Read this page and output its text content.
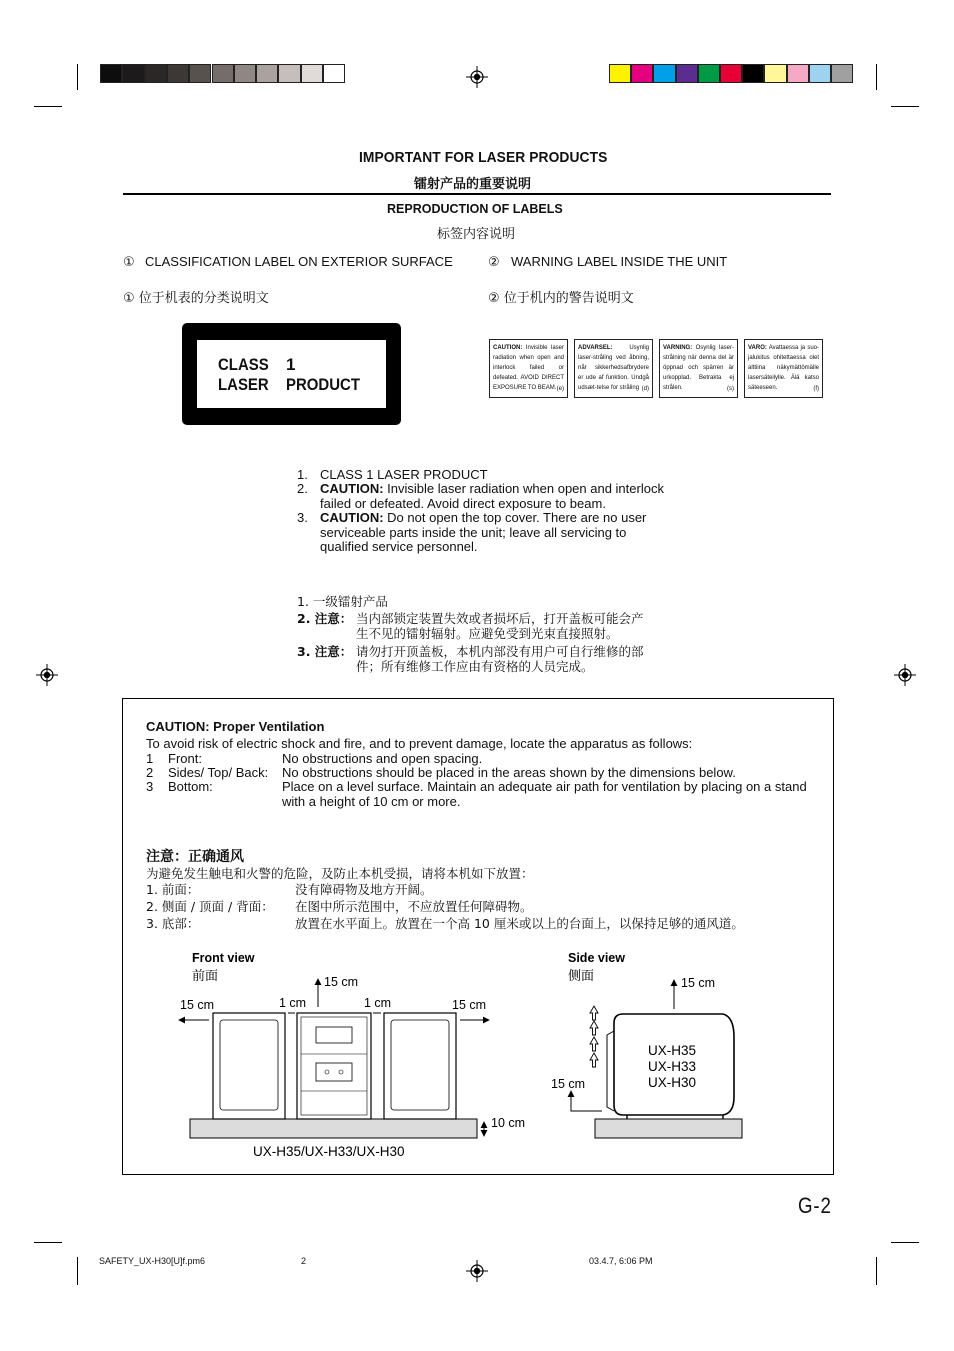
IMPORTANT FOR LASER PRODUCTS
镭射产品的重要说明
REPRODUCTION OF LABELS
标签内容说明
① CLASSIFICATION LABEL ON EXTERIOR SURFACE
① 位于机表的分类说明文
② WARNING LABEL INSIDE THE UNIT
② 位于机内的警告说明文
CLASS 1
LASER PRODUCT
CAUTION: Invisible laser radiation when open and interlock failed or defeated. AVOID DIRECT EXPOSURE TO BEAM. (e)
ADVARSEL:	Usynlig laser-stråling ved åbning, når sikkerhedsafbrydere er ude af funktion. Undgå udsæt-telse for stråling (d)
VARNING: Osynlig laser-strålning när denna del är öppnad och spärren är urkopplad. Betrakta ej strålen.	(s)
VARO: Avattaessa ja suo-jalukitus ohitettaessa olet alttiina näkymättömälle lasersäteilylle. Älä katso säteeseen.	(f)
1. CLASS 1 LASER PRODUCT
2. CAUTION: Invisible laser radiation when open and interlock failed or defeated. Avoid direct exposure to beam.
3. CAUTION: Do not open the top cover. There are no user serviceable parts inside the unit; leave all servicing to qualified service personnel.
1. 一级镭射产品
2. 注意： 当内部锁定装置失效或者损坏后，打开盖板可能会产
生不见的镭射辐射。应避免受到光束直接照射。
3. 注意： 请勿打开顶盖板，本机内部没有用户可自行维修的部
件；所有维修工作应由有资格的人员完成。
CAUTION: Proper Ventilation
To avoid risk of electric shock and fire, and to prevent damage, locate the apparatus as follows:
1 Front:	No obstructions and open spacing.
2 Sides/ Top/ Back: No obstructions should be placed in the areas shown by the dimensions below.
3 Bottom:	Place on a level surface. Maintain an adequate air path for ventilation by placing on a stand
with a height of 10 cm or more.
注意：正确通风
为避免发生触电和火警的危险，及防止本机受损，请将本机如下放置：
1. 前面：	没有障碍物及地方开阔。
2. 侧面 / 顶面 / 背面： 在图中所示范围中，不应放置任何障碍物。
3. 底部：	放置在水平面上。放置在一个高 10 厘米或以上的台面上，以保持足够的通风道。
Front view
前面
15 cm	1 cm	1 cm	15 cm
15 cm
10 cm
UX-H35/UX-H33/UX-H30
Side view
侧面
UX-H35
UX-H33
UX-H30
15 cm
15 cm
G-2
SAFETY_UX-H30[U]f.pm6	2	03.4.7, 6:06 PM
